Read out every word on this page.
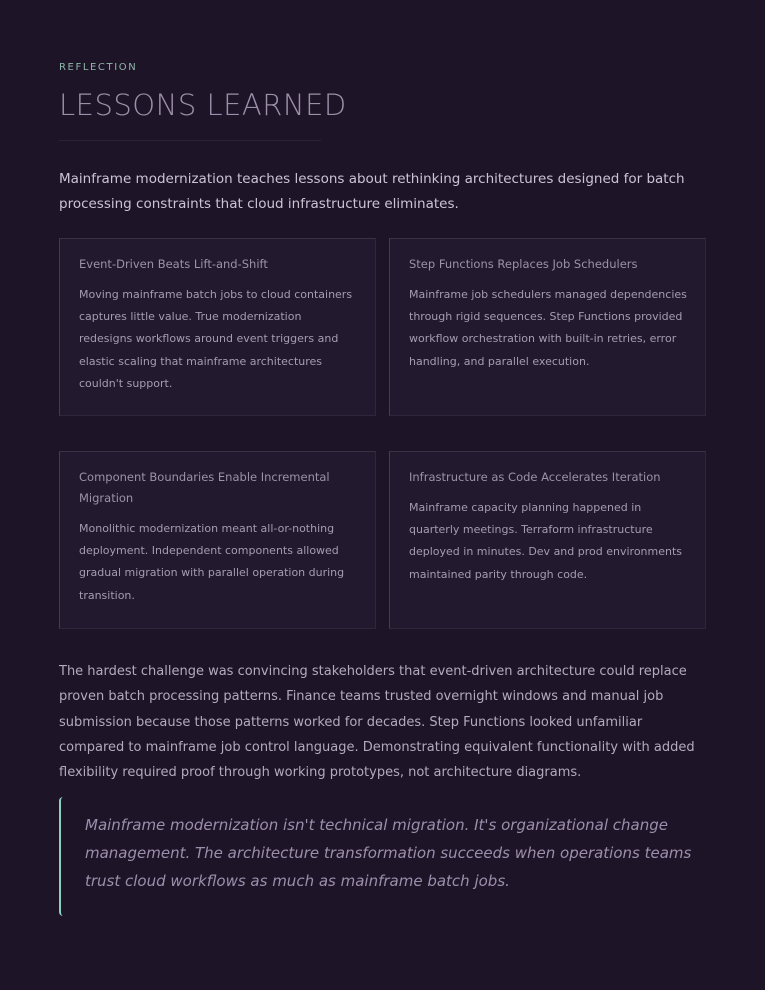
REFLECTION
LESSONS LEARNED
Mainframe modernization teaches lessons about rethinking architectures designed for batch processing constraints that cloud infrastructure eliminates.
Event-Driven Beats Lift-and-Shift
Moving mainframe batch jobs to cloud containers captures little value. True modernization redesigns workflows around event triggers and elastic scaling that mainframe architectures couldn't support.
Step Functions Replaces Job Schedulers
Mainframe job schedulers managed dependencies through rigid sequences. Step Functions provided workflow orchestration with built-in retries, error handling, and parallel execution.
Component Boundaries Enable Incremental Migration
Monolithic modernization meant all-or-nothing deployment. Independent components allowed gradual migration with parallel operation during transition.
Infrastructure as Code Accelerates Iteration
Mainframe capacity planning happened in quarterly meetings. Terraform infrastructure deployed in minutes. Dev and prod environments maintained parity through code.
The hardest challenge was convincing stakeholders that event-driven architecture could replace proven batch processing patterns. Finance teams trusted overnight windows and manual job submission because those patterns worked for decades. Step Functions looked unfamiliar compared to mainframe job control language. Demonstrating equivalent functionality with added flexibility required proof through working prototypes, not architecture diagrams.
Mainframe modernization isn't technical migration. It's organizational change management. The architecture transformation succeeds when operations teams trust cloud workflows as much as mainframe batch jobs.
